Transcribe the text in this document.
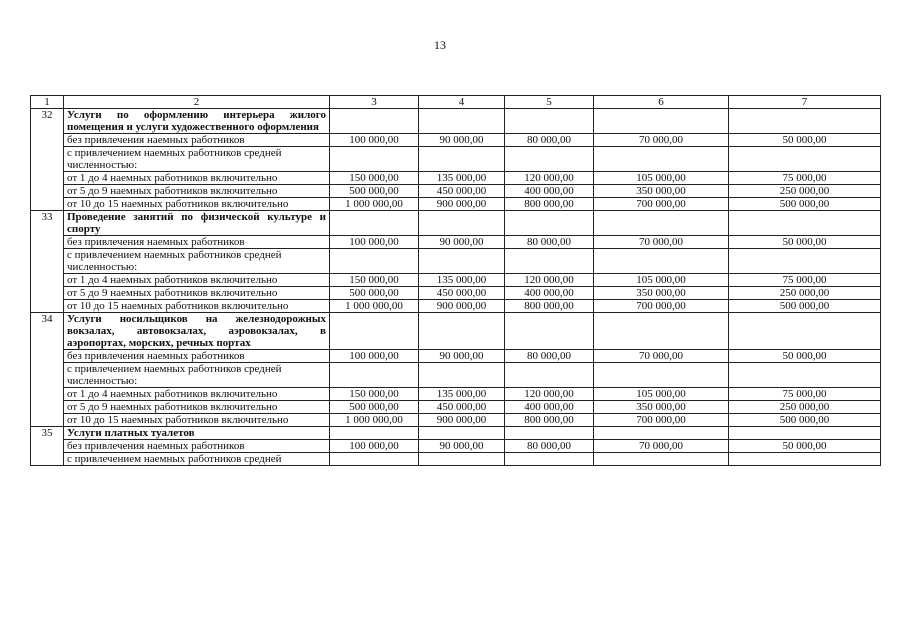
13
1	2	3	4	5	6	7
32	Услуги по оформлению интерьера жилого помещения и услуги художественного оформления					
	без привлечения наемных работников	100 000,00	90 000,00	80 000,00	70 000,00	50 000,00
	с привлечением наемных работников средней численностью:					
	от 1 до 4 наемных работников включительно	150 000,00	135 000,00	120 000,00	105 000,00	75 000,00
	от 5 до 9 наемных работников включительно	500 000,00	450 000,00	400 000,00	350 000,00	250 000,00
	от 10 до 15 наемных работников включительно	1 000 000,00	900 000,00	800 000,00	700 000,00	500 000,00
33	Проведение занятий по физической культуре и спорту					
	без привлечения наемных работников	100 000,00	90 000,00	80 000,00	70 000,00	50 000,00
	с привлечением наемных работников средней численностью:					
	от 1 до 4 наемных работников включительно	150 000,00	135 000,00	120 000,00	105 000,00	75 000,00
	от 5 до 9 наемных работников включительно	500 000,00	450 000,00	400 000,00	350 000,00	250 000,00
	от 10 до 15 наемных работников включительно	1 000 000,00	900 000,00	800 000,00	700 000,00	500 000,00
34	Услуги носильщиков на железнодорожных вокзалах, автовокзалах, аэровокзалах, в аэропортах, морских, речных портах					
	без привлечения наемных работников	100 000,00	90 000,00	80 000,00	70 000,00	50 000,00
	с привлечением наемных работников средней численностью:					
	от 1 до 4 наемных работников включительно	150 000,00	135 000,00	120 000,00	105 000,00	75 000,00
	от 5 до 9 наемных работников включительно	500 000,00	450 000,00	400 000,00	350 000,00	250 000,00
	от 10 до 15 наемных работников включительно	1 000 000,00	900 000,00	800 000,00	700 000,00	500 000,00
35	Услуги платных туалетов					
	без привлечения наемных работников	100 000,00	90 000,00	80 000,00	70 000,00	50 000,00
	с привлечением наемных работников средней					
